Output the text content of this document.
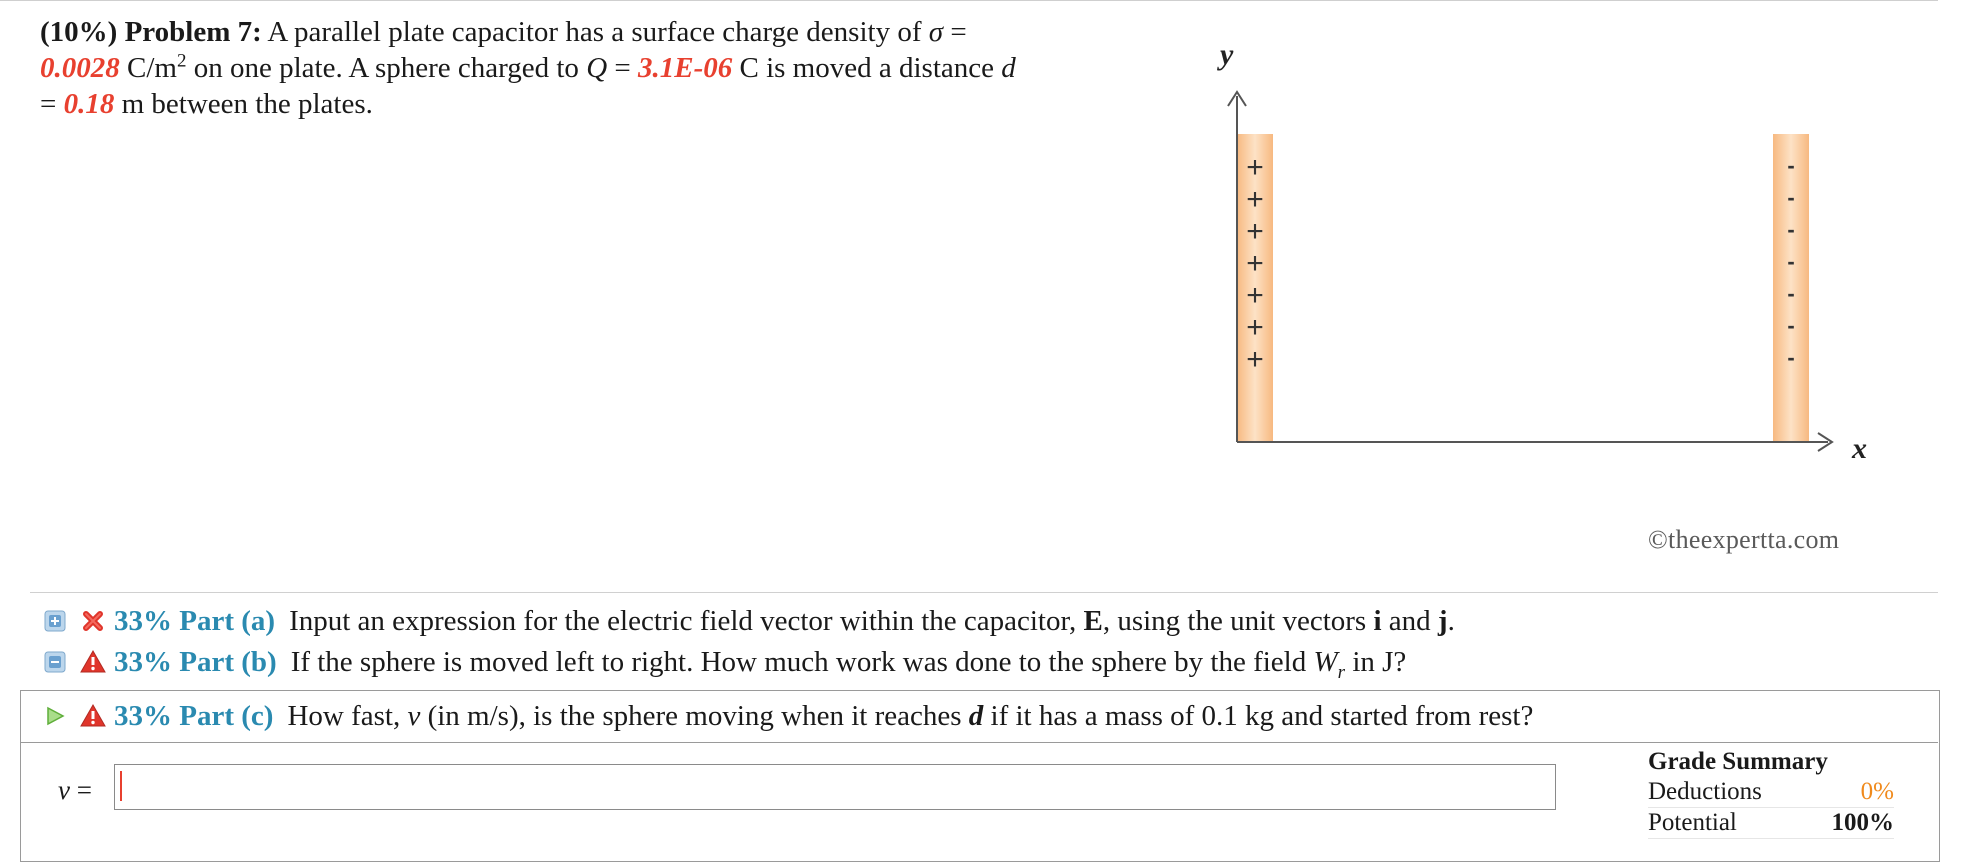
(10%) Problem 7: A parallel plate capacitor has a surface charge density of σ =
0.0028 $C/m^2$ on one plate. A sphere charged to Q = 3.1E-06 C is moved a distance d
= 0.18 m between the plates.
y
x
+
+
+
+
+
+
+
-
-
-
-
-
-
-
©theexpertta.com
33% Part (a) Input an expression for the electric field vector within the capacitor, E, using the unit vectors i and j.
33% Part (b) If the sphere is moved left to right. How much work was done to the sphere by the field $W_r$ in J?
33% Part (c) How fast, v (in m/s), is the sphere moving when it reaches d if it has a mass of 0.1 kg and started from rest?
v =
Grade Summary
Deductions	0%
Potential	100%
